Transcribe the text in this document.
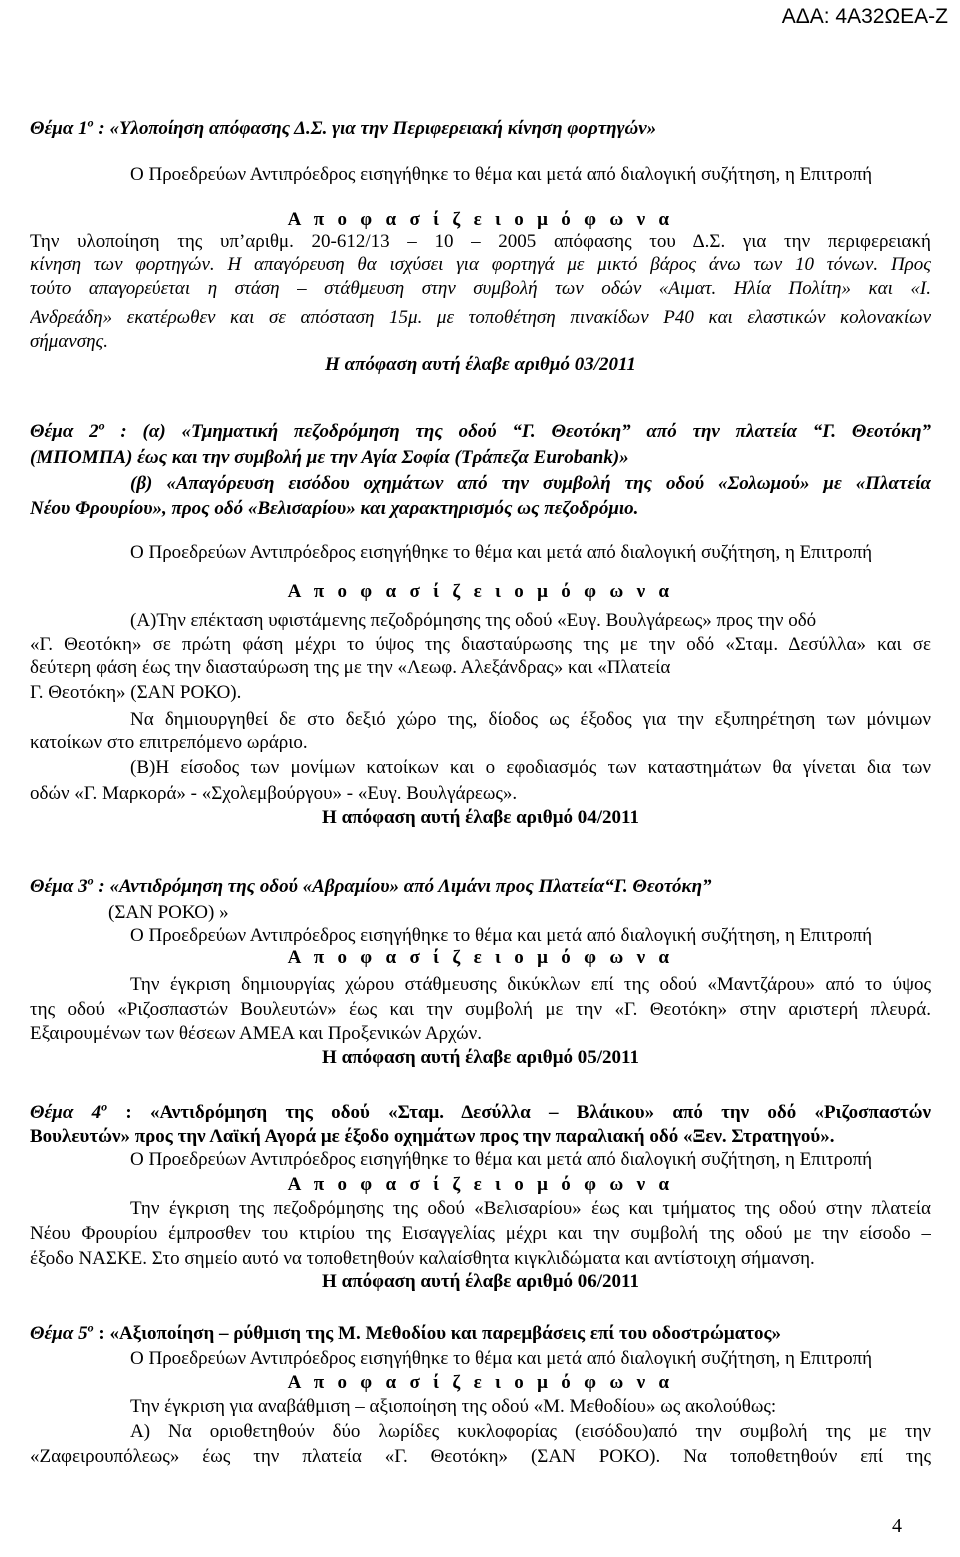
ΑΔΑ: 4Α32ΩΕΑ-Ζ

Θέμα $1^o$ : «Υλοποίηση απόφασης Δ.Σ. για την Περιφερειακή κίνηση φορτηγών»

Ο Προεδρεύων Αντιπρόεδρος εισηγήθηκε το θέμα και μετά από διαλογική συζήτηση, η Επιτροπή

Α π ο φ α σ ί ζ ε ι ο μ ό φ ω ν α

Την υλοποίηση της υπ’αριθμ. 20-612/13 – 10 – 2005 απόφασης του Δ.Σ. για την περιφερειακή

κίνηση των φορτηγών. Η απαγόρευση θα ισχύσει για φορτηγά με μικτό βάρος άνω των 10 τόνων. Προς

τούτο απαγορεύεται η στάση – στάθμευση στην συμβολή των οδών «Αιματ. Ηλία Πολίτη» και «Ι.

Ανδρεάδη» εκατέρωθεν και σε απόσταση 15μ. με τοποθέτηση πινακίδων Ρ40 και ελαστικών κολονακίων

σήμανσης.

Η απόφαση αυτή έλαβε αριθμό 03/2011

Θέμα $2^o$ : (α) «Τμηματική πεζοδρόμηση της οδού “Γ. Θεοτόκη” από την πλατεία “Γ. Θεοτόκη”

(ΜΠΟΜΠΑ) έως και την συμβολή με την Αγία Σοφία (Τράπεζα Eurobank)»

(β) «Απαγόρευση εισόδου οχημάτων από την συμβολή της οδού «Σολωμού» με «Πλατεία

Νέου Φρουρίου», προς οδό «Βελισαρίου» και χαρακτηρισμός ως πεζοδρόμιο.

Ο Προεδρεύων Αντιπρόεδρος εισηγήθηκε το θέμα και μετά από διαλογική συζήτηση, η Επιτροπή

Α π ο φ α σ ί ζ ε ι ο μ ό φ ω ν α

(Α)Την επέκταση υφιστάμενης πεζοδρόμησης της οδού «Ευγ. Βουλγάρεως» προς την οδό

«Γ. Θεοτόκη» σε πρώτη φάση μέχρι το ύψος της διασταύρωσης της με την οδό «Σταμ. Δεσύλλα» και σε

δεύτερη φάση έως την διασταύρωση της με την «Λεωφ. Αλεξάνδρας» και «Πλατεία

Γ. Θεοτόκη» (ΣΑΝ ΡΟΚΟ).

Να δημιουργηθεί δε στο δεξιό χώρο της, δίοδος ως έξοδος για την εξυπηρέτηση των μόνιμων

κατοίκων στο επιτρεπόμενο ωράριο.

(Β)Η είσοδος των μονίμων κατοίκων και ο εφοδιασμός των καταστημάτων θα γίνεται δια των

οδών «Γ. Μαρκορά» - «Σχολεμβούργου» - «Ευγ. Βουλγάρεως».

Η απόφαση αυτή έλαβε αριθμό 04/2011

Θέμα $3^o$ : «Αντιδρόμηση της οδού «Αβραμίου» από Λιμάνι προς Πλατεία“Γ. Θεοτόκη”

(ΣΑΝ ΡΟΚΟ) »

Ο Προεδρεύων Αντιπρόεδρος εισηγήθηκε το θέμα και μετά από διαλογική συζήτηση, η Επιτροπή

Α π ο φ α σ ί ζ ε ι ο μ ό φ ω ν α

Την έγκριση δημιουργίας χώρου στάθμευσης δικύκλων επί της οδού «Μαντζάρου» από το ύψος

της οδού «Ριζοσπαστών Βουλευτών» έως και την συμβολή με την «Γ. Θεοτόκη» στην αριστερή πλευρά.

Εξαιρουμένων των θέσεων ΑΜΕΑ και Προξενικών Αρχών.

Η απόφαση αυτή έλαβε αριθμό 05/2011

Θέμα $4^o$ : «Αντιδρόμηση της οδού «Σταμ. Δεσύλλα – Βλάικου» από την οδό «Ριζοσπαστών

Βουλευτών» προς την Λαϊκή Αγορά με έξοδο οχημάτων προς την παραλιακή οδό «Ξεν. Στρατηγού».

Ο Προεδρεύων Αντιπρόεδρος εισηγήθηκε το θέμα και μετά από διαλογική συζήτηση, η Επιτροπή

Α π ο φ α σ ί ζ ε ι ο μ ό φ ω ν α

Την έγκριση της πεζοδρόμησης της οδού «Βελισαρίου» έως και τμήματος της οδού στην πλατεία

Νέου Φρουρίου έμπροσθεν του κτιρίου της Εισαγγελίας μέχρι και την συμβολή της οδού με την είσοδο –

έξοδο ΝΑΣΚΕ. Στο σημείο αυτό να τοποθετηθούν καλαίσθητα κιγκλιδώματα και αντίστοιχη σήμανση.

Η απόφαση αυτή έλαβε αριθμό 06/2011

Θέμα $5^o$ : «Αξιοποίηση – ρύθμιση της Μ. Μεθοδίου και παρεμβάσεις επί του οδοστρώματος»

Ο Προεδρεύων Αντιπρόεδρος εισηγήθηκε το θέμα και μετά από διαλογική συζήτηση, η Επιτροπή

Α π ο φ α σ ί ζ ε ι ο μ ό φ ω ν α

Την έγκριση για αναβάθμιση – αξιοποίηση της οδού «Μ. Μεθοδίου» ως ακολούθως:

Α) Να οριοθετηθούν δύο λωρίδες κυκλοφορίας (εισόδου)από την συμβολή της με την

«Ζαφειρουπόλεως» έως την πλατεία «Γ. Θεοτόκη» (ΣΑΝ ΡΟΚΟ). Να τοποθετηθούν επί της

4
